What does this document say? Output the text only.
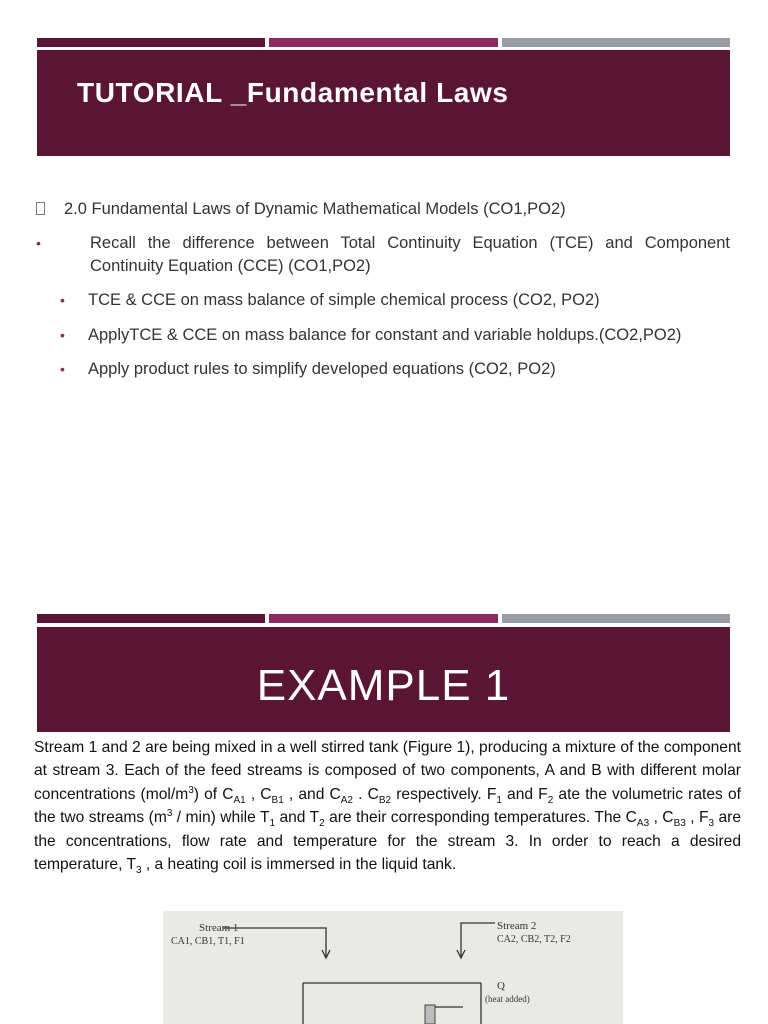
TUTORIAL _Fundamental Laws
2.0 Fundamental Laws of Dynamic Mathematical Models (CO1,PO2)
•	Recall the difference between Total Continuity Equation (TCE) and Component Continuity Equation (CCE) (CO1,PO2)
• TCE & CCE on mass balance of simple chemical process (CO2, PO2)
• ApplyTCE & CCE on mass balance for constant and variable holdups.(CO2,PO2)
• Apply product rules to simplify developed equations (CO2, PO2)
EXAMPLE 1

Stream 1 and 2 are being mixed in a well stirred tank (Figure 1), producing a mixture of the component at stream 3. Each of the feed streams is composed of two components, A and B with different molar concentrations $(mol/m^3)$ of $C_{A1}$ , $C_{B1}$ , and $C_{A2}$ . $C_{B2}$ respectively. $F_1$ and $F_2$ ate the volumetric rates of the two streams $(m^3 / \min)$ while $T_1$ and $T_2$ are their corresponding temperatures. The $C_{A3}$ , $C_{B3}$ , $F_3$ are the concentrations, flow rate and temperature for the stream 3. In order to reach a desired temperature, $T_3$ , a heating coil is immersed in the liquid tank.

Stream 1
CA1, CB1, T1, F1
Stream 2
CA2, CB2, T2, F2
Q
(heat added)
